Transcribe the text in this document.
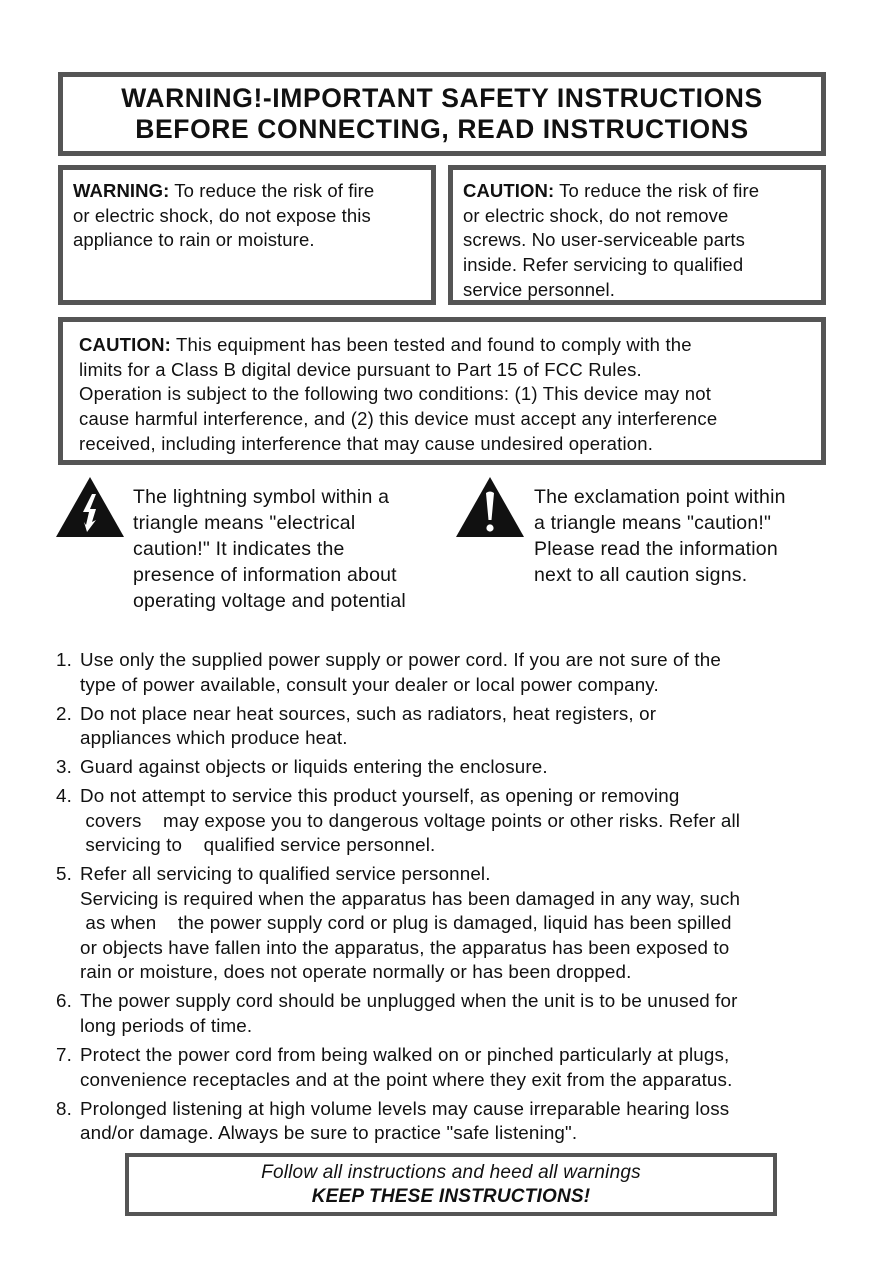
WARNING!-IMPORTANT SAFETY INSTRUCTIONS
BEFORE CONNECTING, READ INSTRUCTIONS
WARNING: To reduce the risk of fire
or electric shock, do not expose this
appliance to rain or moisture.
CAUTION: To reduce the risk of fire
or electric shock, do not remove
screws. No user-serviceable parts
inside. Refer servicing to qualified
service personnel.
CAUTION: This equipment has been tested and found to comply with the
limits for a Class B digital device pursuant to Part 15 of FCC Rules.
Operation is subject to the following two conditions: (1) This device may not
cause harmful interference, and (2) this device must accept any interference
received, including interference that may cause undesired operation.
The lightning symbol within a
triangle means "electrical
caution!" It indicates the
presence of information about
operating voltage and potential
The exclamation point within
a triangle means "caution!"
Please read the information
next to all caution signs.
1. Use only the supplied power supply or power cord. If you are not sure of the
type of power available, consult your dealer or local power company.
2. Do not place near heat sources, such as radiators, heat registers, or
appliances which produce heat.
3. Guard against objects or liquids entering the enclosure.
4. Do not attempt to service this product yourself, as opening or removing
covers    may expose you to dangerous voltage points or other risks. Refer all
servicing to    qualified service personnel.
5. Refer all servicing to qualified service personnel.
Servicing is required when the apparatus has been damaged in any way, such
as when    the power supply cord or plug is damaged, liquid has been spilled
or objects have fallen into the apparatus, the apparatus has been exposed to
rain or moisture, does not operate normally or has been dropped.
6. The power supply cord should be unplugged when the unit is to be unused for
long periods of time.
7. Protect the power cord from being walked on or pinched particularly at plugs,
convenience receptacles and at the point where they exit from the apparatus.
8. Prolonged listening at high volume levels may cause irreparable hearing loss
and/or damage. Always be sure to practice "safe listening".
Follow all instructions and heed all warnings
KEEP THESE INSTRUCTIONS!
